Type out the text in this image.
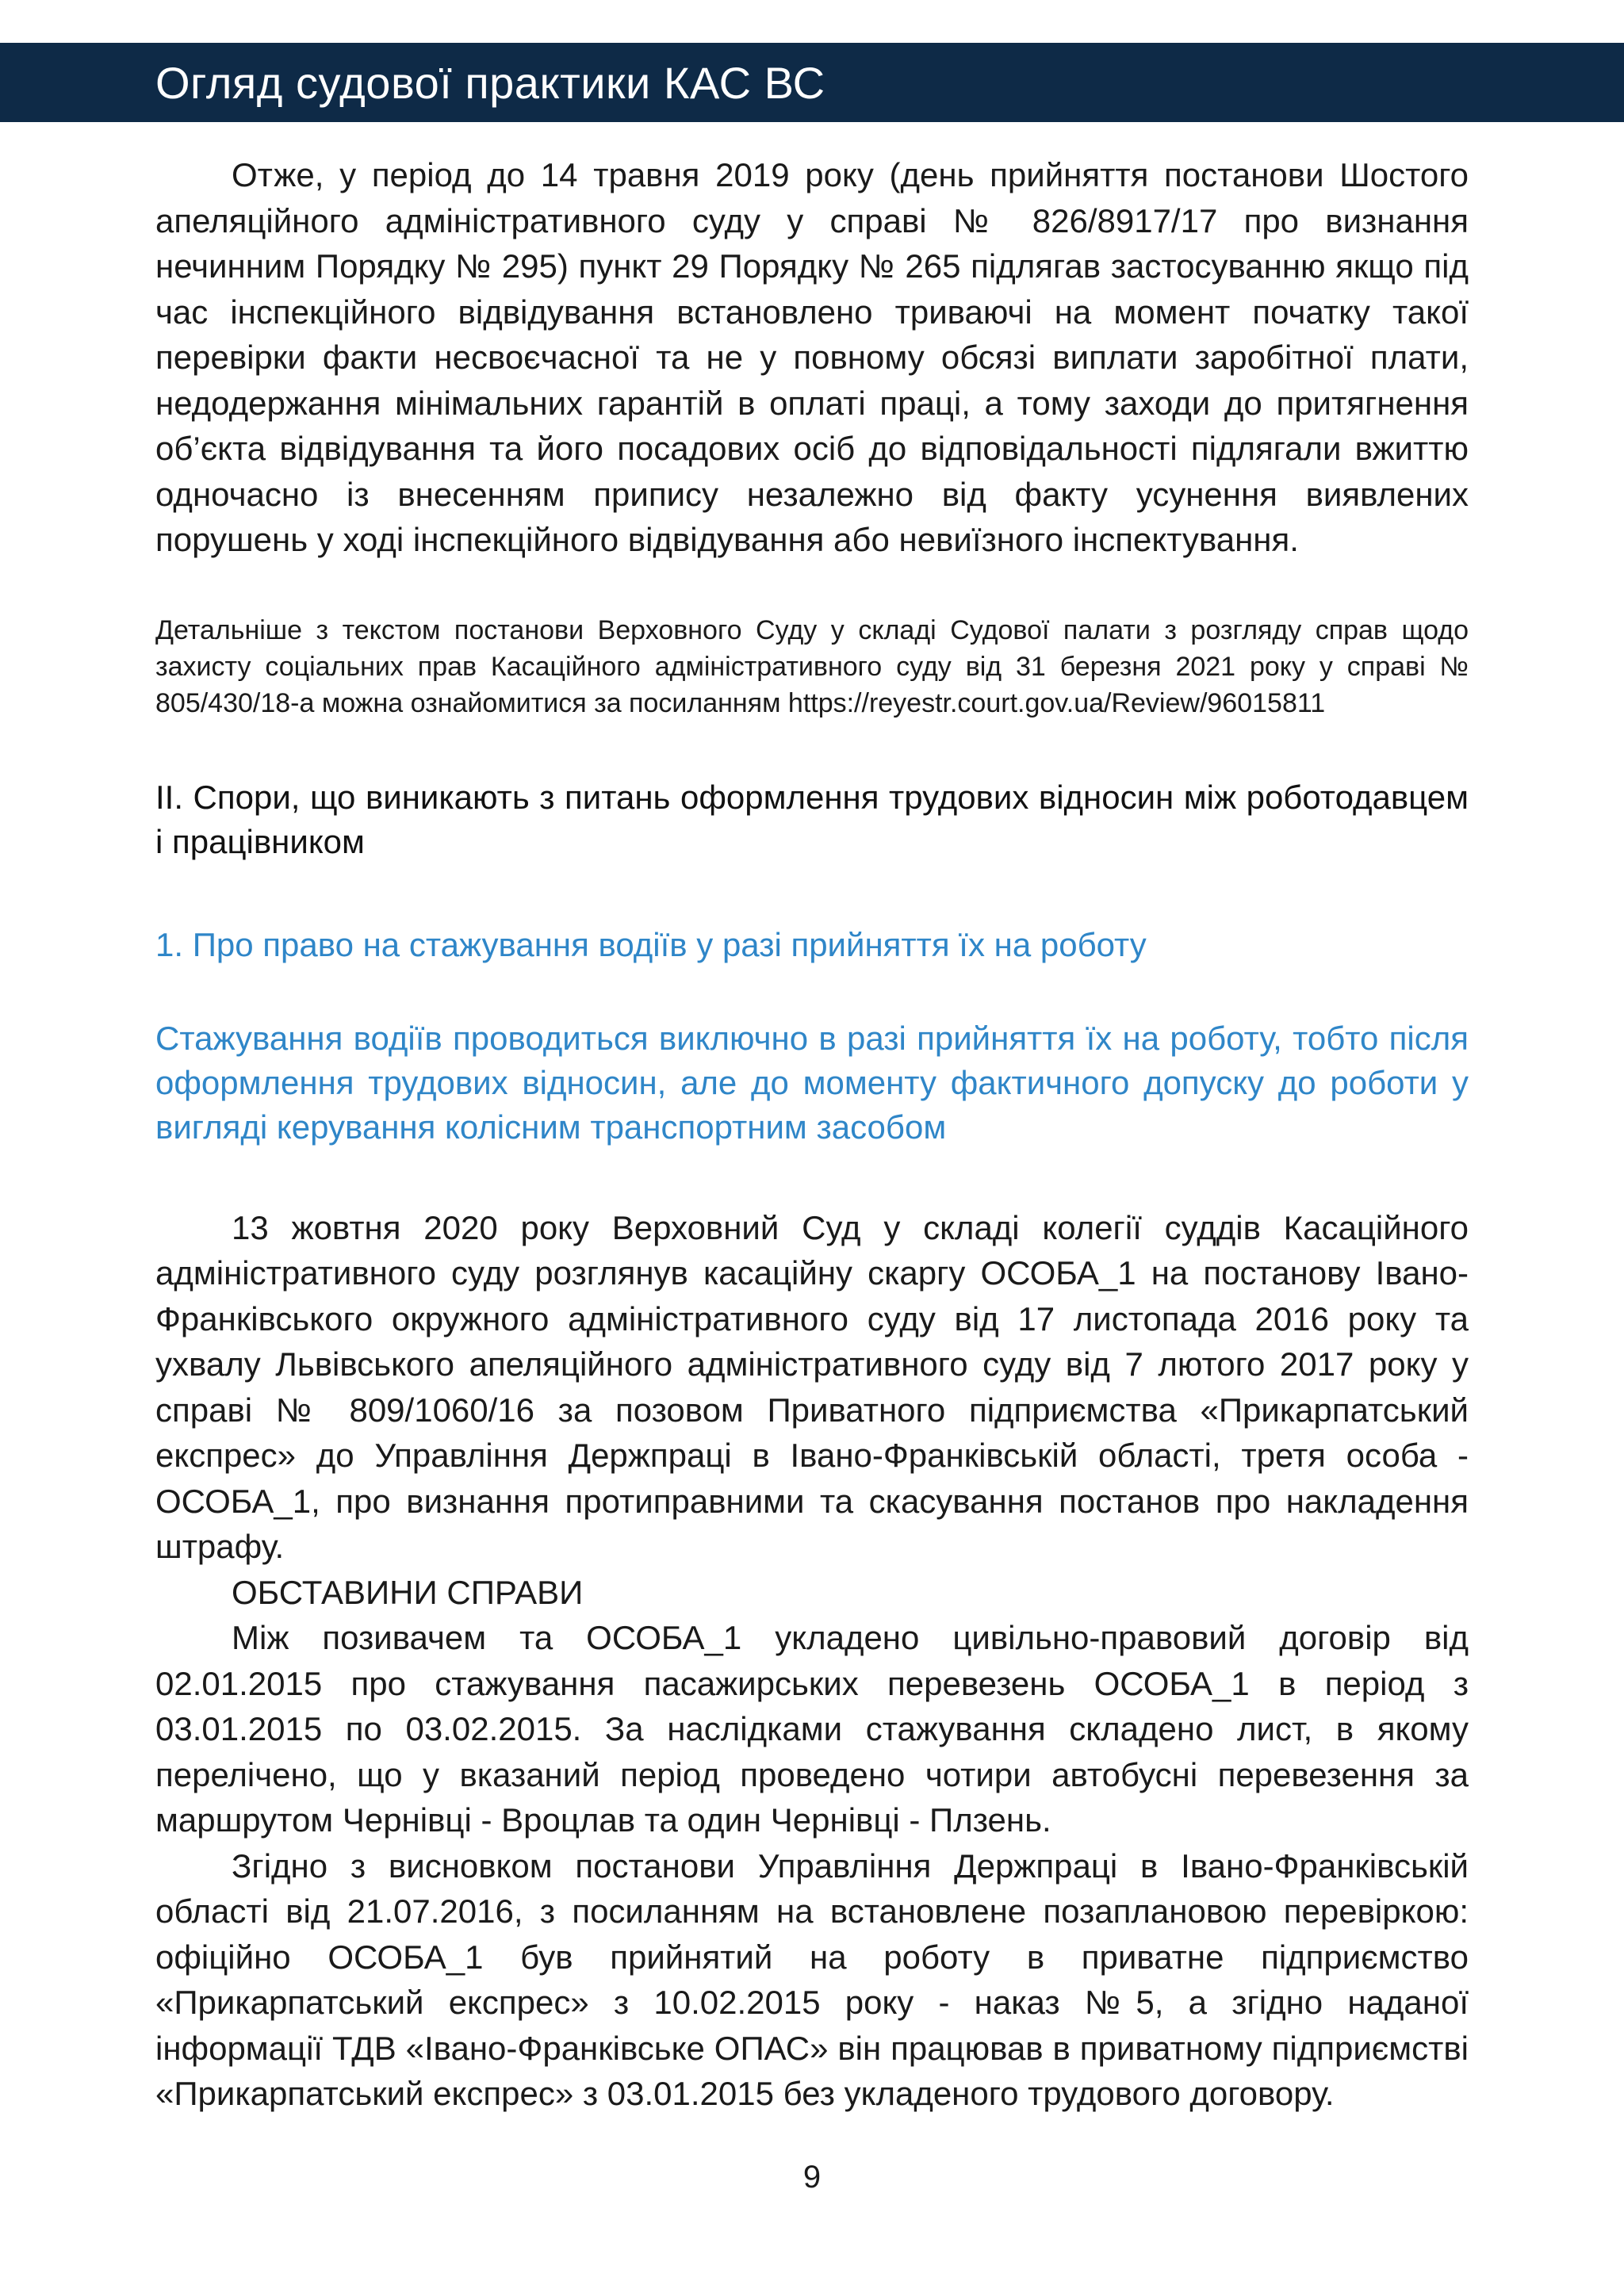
Огляд судової практики КАС ВС

Отже, у період до 14 травня 2019 року (день прийняття постанови Шостого апеляційного адміністративного суду у справі № 826/8917/17 про визнання нечинним Порядку № 295) пункт 29 Порядку № 265 підлягав застосуванню якщо під час інспекційного відвідування встановлено триваючі на момент початку такої перевірки факти несвоєчасної та не у повному обсязі виплати заробітної плати, недодержання мінімальних гарантій в оплаті праці, а тому заходи до притягнення об’єкта відвідування та його посадових осіб до відповідальності підлягали вжиттю одночасно із внесенням припису незалежно від факту усунення виявлених порушень у ході інспекційного відвідування або невиїзного інспектування.

Детальніше з текстом постанови Верховного Суду у складі Судової палати з розгляду справ щодо захисту соціальних прав Касаційного адміністративного суду від 31 березня 2021 року у справі № 805/430/18-а можна ознайомитися за посиланням https://reyestr.court.gov.ua/Review/96015811

ІІ. Спори, що виникають з питань оформлення трудових відносин між роботодавцем і працівником

1. Про право на стажування водіїв у разі прийняття їх на роботу

Стажування водіїв проводиться виключно в разі прийняття їх на роботу, тобто після оформлення трудових відносин, але до моменту фактичного допуску до роботи у вигляді керування колісним транспортним засобом

13 жовтня 2020 року Верховний Суд у складі колегії суддів Касаційного адміністративного суду розглянув касаційну скаргу ОСОБА_1 на постанову Івано-Франківського окружного адміністративного суду від 17 листопада 2016 року та ухвалу Львівського апеляційного адміністративного суду від 7 лютого 2017 року у справі № 809/1060/16 за позовом Приватного підприємства «Прикарпатський експрес» до Управління Держпраці в Івано-Франківській області, третя особа - ОСОБА_1, про визнання протиправними та скасування постанов про накладення штрафу.

ОБСТАВИНИ СПРАВИ

Між позивачем та ОСОБА_1 укладено цивільно-правовий договір від 02.01.2015 про стажування пасажирських перевезень ОСОБА_1 в період з 03.01.2015 по 03.02.2015. За наслідками стажування складено лист, в якому перелічено, що у вказаний період проведено чотири автобусні перевезення за маршрутом Чернівці - Вроцлав та один Чернівці - Плзень.

Згідно з висновком постанови Управління Держпраці в Івано-Франківській області від 21.07.2016, з посиланням на встановлене позаплановою перевіркою: офіційно ОСОБА_1 був прийнятий на роботу в приватне підприємство «Прикарпатський експрес» з 10.02.2015 року - наказ №5, а згідно наданої інформації ТДВ «Івано-Франківське ОПАС» він працював в приватному підприємстві «Прикарпатський експрес» з 03.01.2015 без укладеного трудового договору.

9
